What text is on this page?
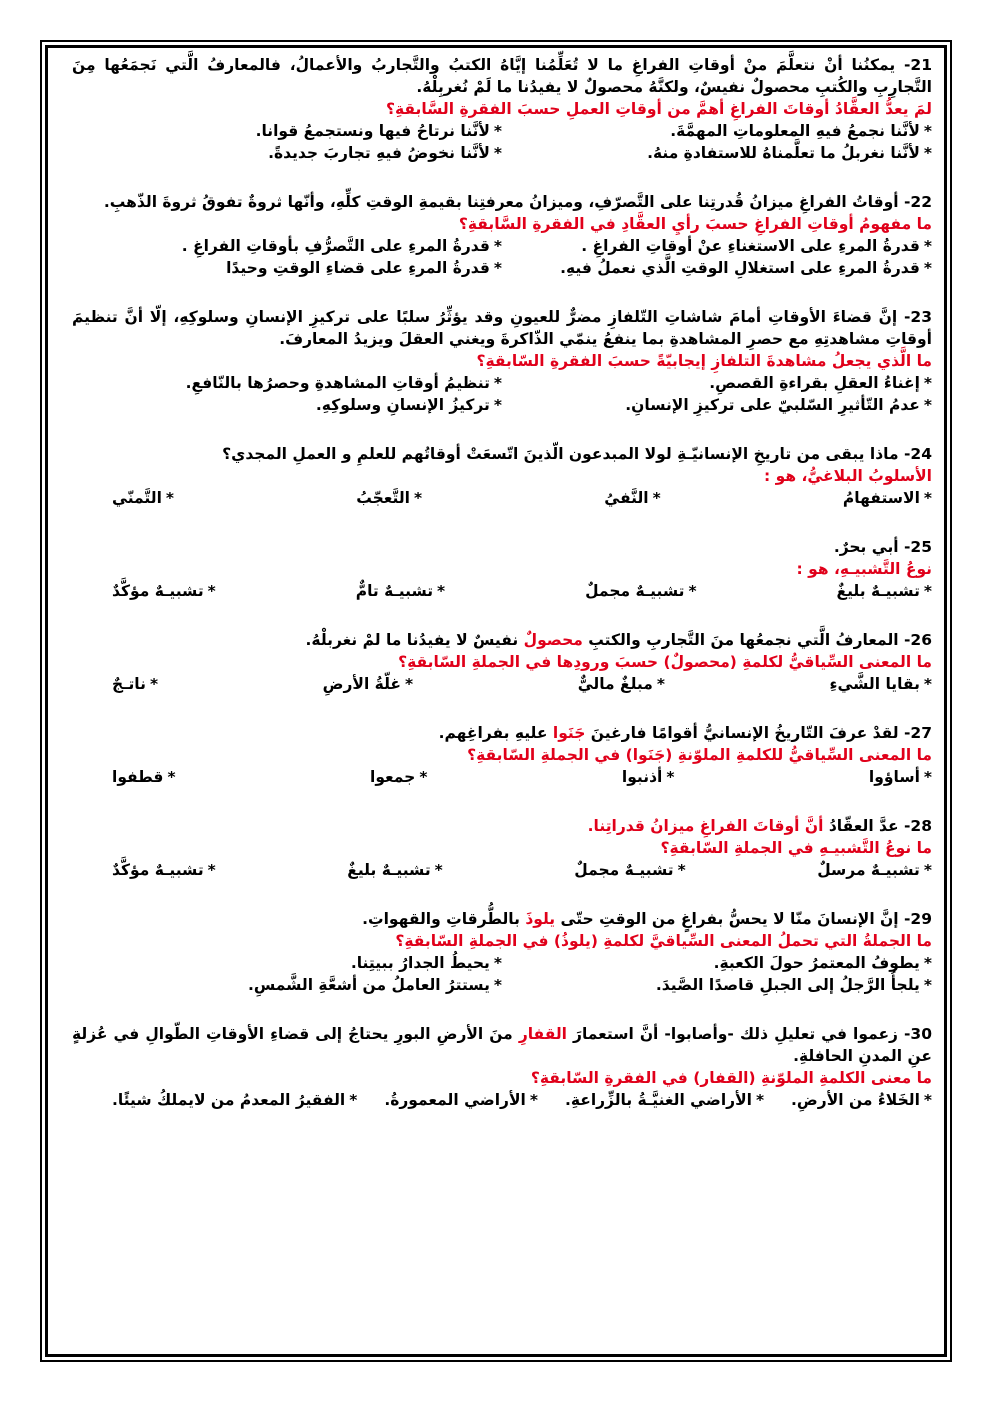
21- يمكنُنا أنْ نتعلَّمَ منْ أوقاتِ الفراغِ ما لا تُعَلِّمُنا إيَّاهُ الكتبُ والتَّجاربُ والأعمالُ، فالمعارفُ الَّتي نَجمَعُها مِنَ التَّجارِبِ والكُتبِ محصولٌ نفيسٌ، ولكنَّهُ محصولٌ لا يفيدُنا ما لَمْ نُغربِلْهُ.

لمَ يعدُّ العقَّادُ أوقاتَ الفراغِ أهمَّ من أوقاتِ العملِ حسبَ الفقرةِ السَّابقةِ؟

*لأنَّنا نجمعُ فيهِ المعلوماتِ المهمَّةَ.
*لأنَّنا نرتاحُ فيها ونستجمعُ قوانا.
*لأنَّنا نغربلُ ما تعلَّمناهُ للاستفادةِ منهُ.
*لأنَّنا نخوضُ فيهِ تجاربَ جديدةً.

22- أوقاتُ الفراغِ ميزانُ قُدرتِنا على التَّصرّفِ، وميزانُ معرفتِنا بقيمةِ الوقتِ كلِّهِ، وأنّها ثروةٌ تفوقُ ثروةَ الذّهبِ.

ما مفهومُ أوقاتِ الفراغِ حسبَ رأيِ العقَّادِ في الفقرةِ السَّابقةِ؟

*قدرةُ المرءِ على الاستغناءِ عنْ أوقاتِ الفراغِ .
*قدرةُ المرءِ على التَّصرُّفِ بأوقاتِ الفراغِ .
*قدرةُ المرءِ على استغلالِ الوقتِ الَّذي نعملُ فيهِ.
*قدرةُ المرءِ على قضاءِ الوقتِ وحيدًا

23- إنَّ قضاءَ الأوقاتِ أمامَ شاشاتِ التّلفازِ مضرٌّ للعيونِ وقد يؤثِّرُ سلبًا على تركيزِ الإنسانِ وسلوكِهِ، إلّا أنَّ تنظيمَ أوقاتِ مشاهدتِهِ مع حصرِ المشاهدةِ بما ينفعُ ينمّي الذّاكرةَ ويغني العقلَ ويزيدُ المعارفَ.

ما الَّذي يجعلُ مشاهدةَ التلفازِ إيجابيّةً حسبَ الفقرةِ السّابقةِ؟

*إغناءُ العقلِ بقراءةِ القصصِ.
*تنظيمُ أوقاتِ المشاهدةِ وحصرُها بالنّافعِ.
*عدمُ التّأثيرِ السّلبيّ على تركيزِ الإنسانِ.
*تركيزُ الإنسانِ وسلوكِهِ.

24- ماذا يبقى من تاريخِ الإنسانيّـةِ لولا المبدعون الّذينَ اتّسعَتْ أوقاتُهم للعلمِ و العملِ المجدي؟

الأسلوبُ البلاغيُّ، هو :

*الاستفهامُ
*النَّفيُ
*التَّعجّبُ
*التَّمنّي

25- أبي بحرٌ.

نوعُ التَّشبيـهِ، هو :

*تشبيـهٌ بليغٌ
*تشبيـهٌ مجملٌ
*تشبيـهٌ تامٌّ
*تشبيـهٌ مؤكَّدٌ

26- المعارفُ الَّتي نجمعُها منَ التَّجاربِ والكتبِ محصولٌ نفيسٌ لا يفيدُنا ما لمْ نغربلْهُ.

ما المعنى السِّياقيُّ لكلمةِ (محصولٌ) حسبَ ورودِها في الجملةِ السّابقةِ؟

*بقايا الشَّيءِ
*مبلغٌ ماليٌّ
*غلّةُ الأرضِ
*ناتـجٌ

27- لقدْ عرفَ التّاريخُ الإنسانيُّ أقوامًا فارغينَ جَنَوا عليهِ بفراغِهم.

ما المعنى السِّياقيُّ للكلمةِ الملوّنةِ (جَنَوا) في الجملةِ السّابقةِ؟

*أساؤوا
*أذنبوا
*جمعوا
*قطفوا

28- عدَّ العقّادُ أنَّ أوقاتَ الفراغِ ميزانُ قدراتِنا.

ما نوعُ التَّشبيـهِ في الجملةِ السّابقةِ؟

*تشبيـهٌ مرسلٌ
*تشبيـهٌ مجملٌ
*تشبيـهٌ بليغٌ
*تشبيـهٌ مؤكَّدٌ

29- إنَّ الإنسانَ منّا لا يحسُّ بفراغٍ من الوقتِ حتّى يلوذَ بالطُّرقاتِ والقهواتِ.

ما الجملةُ التي تحملُ المعنى السِّياقيَّ لكلمةِ (يلوذُ) في الجملةِ السّابقةِ؟

*يطوفُ المعتمرُ حولَ الكعبةِ.
*يحيطُ الجدارُ ببيتِنا.
*يلجأُ الرَّجلُ إلى الجبلِ قاصدًا الصَّيدَ.
*يستترُ العاملُ من أشعَّةِ الشَّمسِ.

30- زعموا في تعليلِ ذلك -وأصابوا- أنَّ استعمارَ القفارِ منَ الأرضِ البورِ يحتاجُ إلى قضاءِ الأوقاتِ الطّوالِ في عُزلةٍ عنِ المدنِ الحافلةِ.

ما معنى الكلمةِ الملوّنةِ (القفار) في الفقرةِ السّابقةِ؟

*الخَلاءُ من الأرضِ.
*الأراضي الغنيَّـةُ بالزِّراعةِ.
*الأراضي المعمورةُ.
*الفقيرُ المعدمُ من لايملكُ شيئًا.
